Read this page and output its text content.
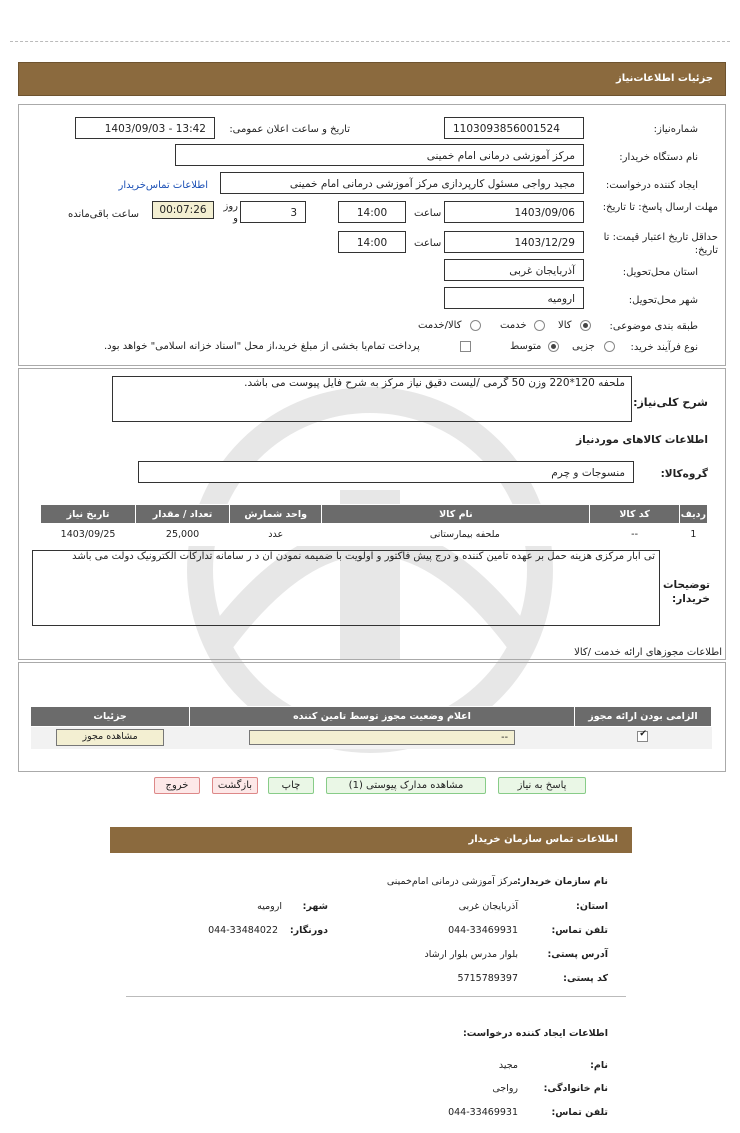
جزئیات اطلاعات‌نیاز
شماره‌نیاز:
1103093856001524
تاریخ و ساعت اعلان عمومی:
1403/09/03 - 13:42
نام دستگاه خریدار:
مرکز آموزشی درمانی امام خمینی
ایجاد کننده درخواست:
مجید رواجی مسئول کارپردازی مرکز آموزشی درمانی امام خمینی
اطلاعات تماس‌خریدار
مهلت ارسال پاسخ: تا تاریخ:
1403/09/06
ساعت
14:00
3
روز و
00:07:26
ساعت باقی‌مانده
حداقل تاریخ اعتبار قیمت: تا تاریخ:
1403/12/29
ساعت
14:00
استان محل‌تحویل:
آذربایجان غربی
شهر محل‌تحویل:
ارومیه
طبقه بندی موضوعی:
کالا
خدمت
کالا/خدمت
نوع فرآیند خرید:
جزیی
متوسط
پرداخت تمام‌یا بخشی از مبلغ خرید،از محل "اسناد خزانه اسلامی" خواهد بود.
شرح کلی‌نیاز:
ملحفه 120*220 وزن 50 گرمی /لیست دقیق نیاز مرکز به شرح فایل پیوست می باشد.
اطلاعات کالاهای موردنیاز
گروه‌کالا:
منسوجات و چرم
ردیف	کد کالا	نام کالا	واحد شمارش	تعداد / مقدار	تاریخ نیاز
1	--	ملحفه بیمارستانی	عدد	25,000	1403/09/25
توضیحات خریدار:
تی ابار مرکزی هزینه حمل بر عهده تامین کننده و درج پیش فاکتور و اولویت با ضمیمه نمودن آن د ر سامانه تدارکات الکترونیک دولت می باشد
اطلاعات مجوزهای ارائه خدمت /کالا
الزامی بودن ارائه مجوز	اعلام وضعیت مجوز توسط تامین کننده	جزئیات

✔	--	مشاهده مجوز
پاسخ به نیاز
مشاهده مدارک پیوستی (1)
چاپ
بازگشت
خروج
اطلاعات تماس سازمان خریدار
نام سازمان خریدار:
مرکز آموزشی درمانی امام‌خمینی
استان:
آذربایجان غربی
شهر:
ارومیه
تلفن تماس:
044-33469931
دورنگار:
044-33484022
آدرس پستی:
بلوار مدرس بلوار ارشاد
کد پستی:
5715789397
اطلاعات ایجاد کننده درخواست:
نام:
مجید
نام خانوادگی:
رواجی
تلفن تماس:
044-33469931
